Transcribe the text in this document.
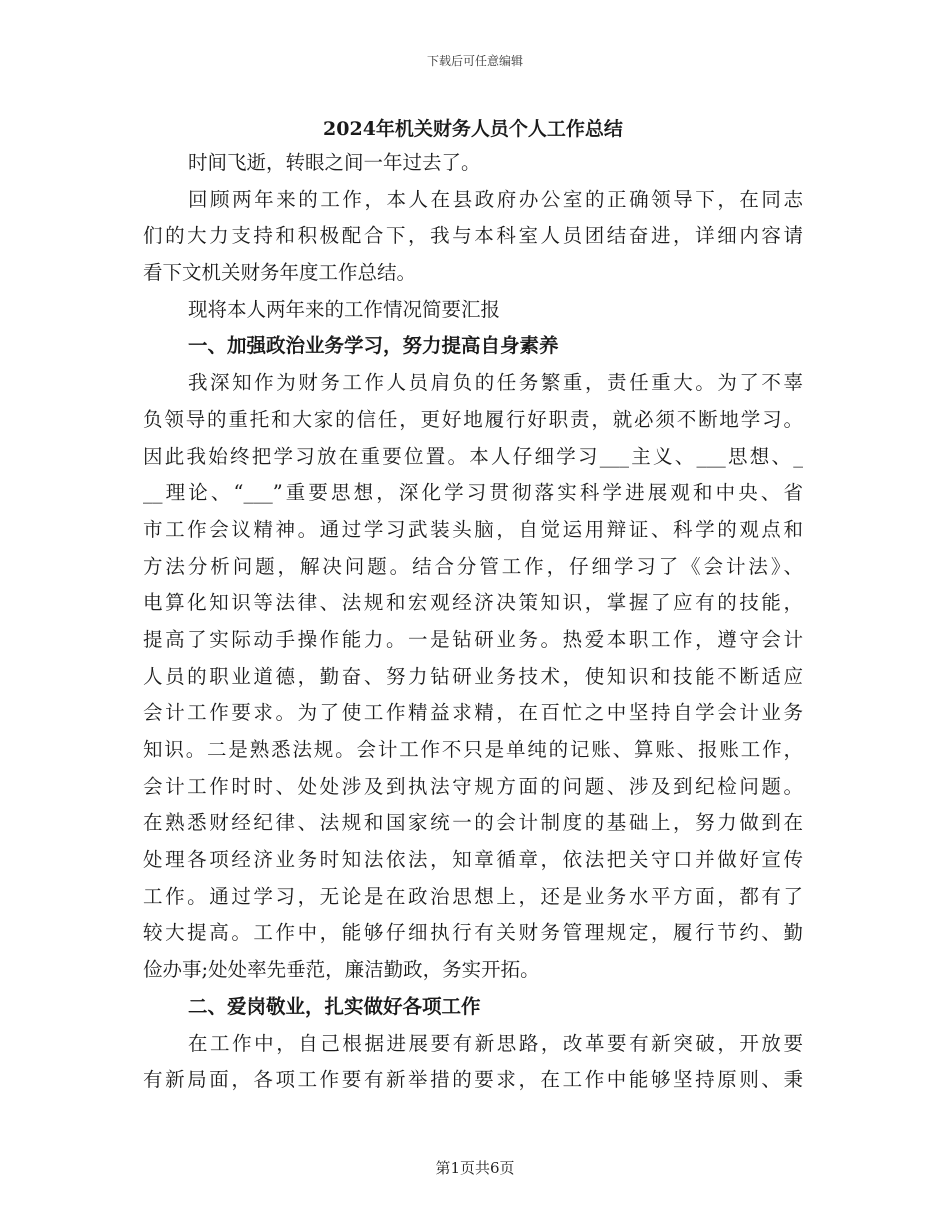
下载后可任意编辑
2024年机关财务人员个人工作总结

时间飞逝，转眼之间一年过去了。

回顾两年来的工作，本人在县政府办公室的正确领导下，在同志

们的大力支持和积极配合下，我与本科室人员团结奋进，详细内容请

看下文机关财务年度工作总结。

现将本人两年来的工作情况简要汇报

一、加强政治业务学习，努力提高自身素养

我深知作为财务工作人员肩负的任务繁重，责任重大。为了不辜

负领导的重托和大家的信任，更好地履行好职责，就必须不断地学习。

因此我始终把学习放在重要位置。本人仔细学习___主义、___思想、_

__理论、“___”重要思想，深化学习贯彻落实科学进展观和中央、省

市工作会议精神。通过学习武装头脑，自觉运用辩证、科学的观点和

方法分析问题，解决问题。结合分管工作，仔细学习了《会计法》、

电算化知识等法律、法规和宏观经济决策知识，掌握了应有的技能，

提高了实际动手操作能力。一是钻研业务。热爱本职工作，遵守会计

人员的职业道德，勤奋、努力钻研业务技术，使知识和技能不断适应

会计工作要求。为了使工作精益求精，在百忙之中坚持自学会计业务

知识。二是熟悉法规。会计工作不只是单纯的记账、算账、报账工作，

会计工作时时、处处涉及到执法守规方面的问题、涉及到纪检问题。

在熟悉财经纪律、法规和国家统一的会计制度的基础上，努力做到在

处理各项经济业务时知法依法，知章循章，依法把关守口并做好宣传

工作。通过学习，无论是在政治思想上，还是业务水平方面，都有了

较大提高。工作中，能够仔细执行有关财务管理规定，履行节约、勤

俭办事;处处率先垂范，廉洁勤政，务实开拓。

二、爱岗敬业，扎实做好各项工作

在工作中，自己根据进展要有新思路，改革要有新突破，开放要

有新局面，各项工作要有新举措的要求，在工作中能够坚持原则、秉

第1页共6页
